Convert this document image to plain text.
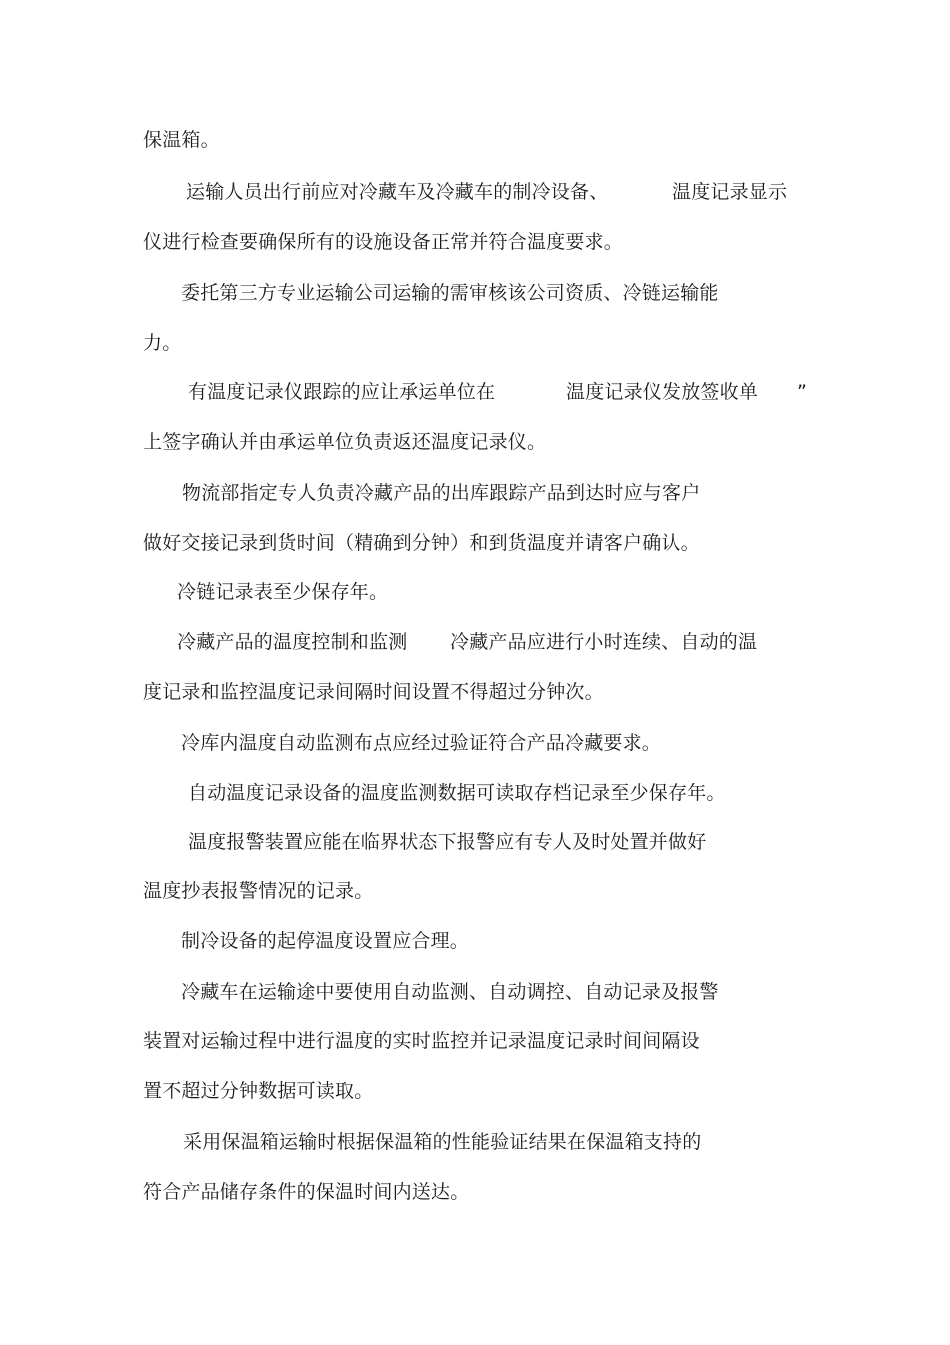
保温箱。
运输人员出行前应对冷藏车及冷藏车的制冷设备、	温度记录显示
仪进行检查要确保所有的设施设备正常并符合温度要求。
委托第三方专业运输公司运输的需审核该公司资质、冷链运输能
力。
有温度记录仪跟踪的应让承运单位在	温度记录仪发放签收单 ”
上签字确认并由承运单位负责返还温度记录仪。
物流部指定专人负责冷藏产品的出库跟踪产品到达时应与客户
做好交接记录到货时间（精确到分钟）和到货温度并请客户确认。
冷链记录表至少保存年。
冷藏产品的温度控制和监测 冷藏产品应进行小时连续、自动的温
度记录和监控温度记录间隔时间设置不得超过分钟次。
冷库内温度自动监测布点应经过验证符合产品冷藏要求。
自动温度记录设备的温度监测数据可读取存档记录至少保存年。
温度报警装置应能在临界状态下报警应有专人及时处置并做好
温度抄表报警情况的记录。
制冷设备的起停温度设置应合理。
冷藏车在运输途中要使用自动监测、自动调控、自动记录及报警
装置对运输过程中进行温度的实时监控并记录温度记录时间间隔设
置不超过分钟数据可读取。
采用保温箱运输时根据保温箱的性能验证结果在保温箱支持的
符合产品储存条件的保温时间内送达。
